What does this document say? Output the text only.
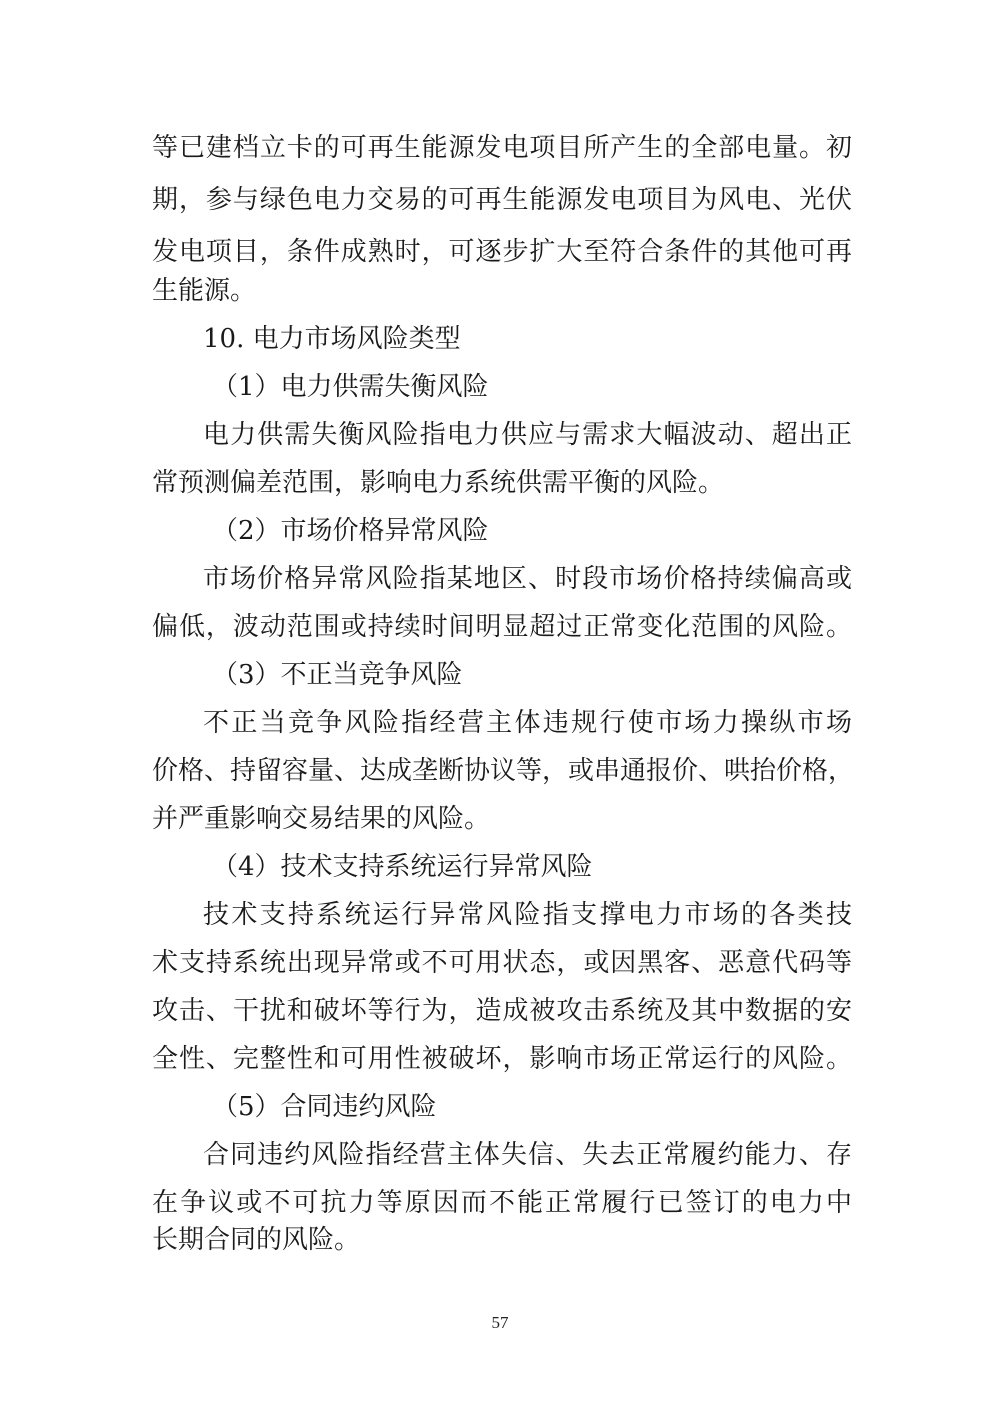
等已建档立卡的可再生能源发电项目所产生的全部电量。初
期，参与绿色电力交易的可再生能源发电项目为风电、光伏
发电项目，条件成熟时，可逐步扩大至符合条件的其他可再
生能源。
10. 电力市场风险类型
（1）电力供需失衡风险
电力供需失衡风险指电力供应与需求大幅波动、超出正
常预测偏差范围，影响电力系统供需平衡的风险。
（2）市场价格异常风险
市场价格异常风险指某地区、时段市场价格持续偏高或
偏低，波动范围或持续时间明显超过正常变化范围的风险。
（3）不正当竞争风险
不正当竞争风险指经营主体违规行使市场力操纵市场
价格、持留容量、达成垄断协议等，或串通报价、哄抬价格，
并严重影响交易结果的风险。
（4）技术支持系统运行异常风险
技术支持系统运行异常风险指支撑电力市场的各类技
术支持系统出现异常或不可用状态，或因黑客、恶意代码等
攻击、干扰和破坏等行为，造成被攻击系统及其中数据的安
全性、完整性和可用性被破坏，影响市场正常运行的风险。
（5）合同违约风险
合同违约风险指经营主体失信、失去正常履约能力、存
在争议或不可抗力等原因而不能正常履行已签订的电力中
长期合同的风险。
57
